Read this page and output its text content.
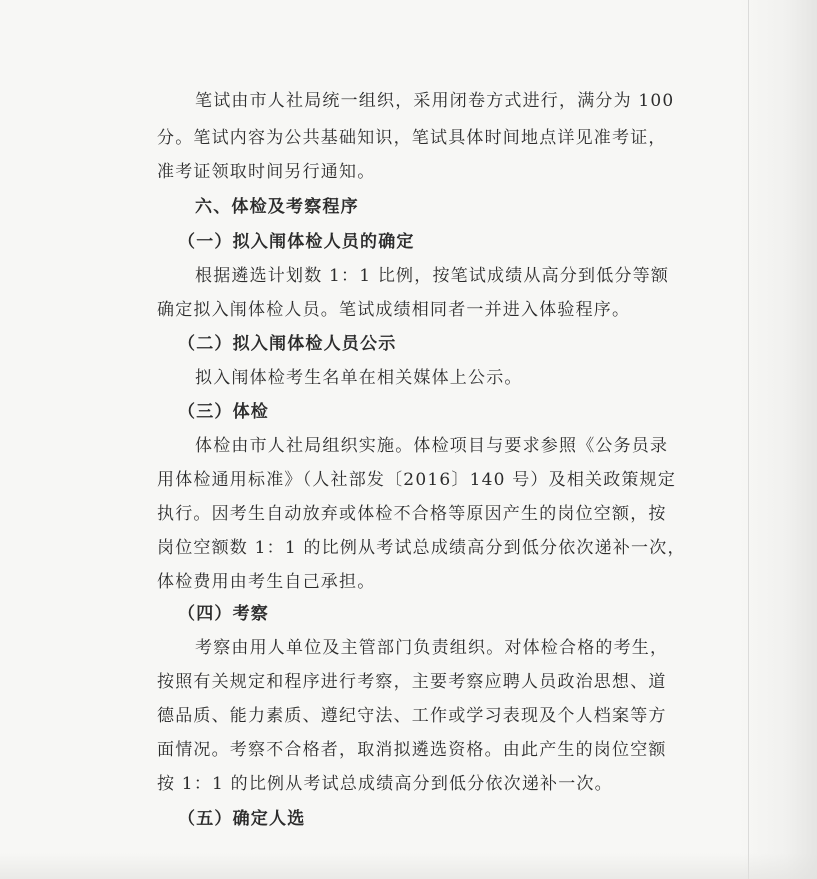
笔试由市人社局统一组织，采用闭卷方式进行，满分为 100
分。笔试内容为公共基础知识，笔试具体时间地点详见准考证，
准考证领取时间另行通知。
六、体检及考察程序
（一）拟入闱体检人员的确定
根据遴选计划数 1：1 比例，按笔试成绩从高分到低分等额
确定拟入闱体检人员。笔试成绩相同者一并进入体验程序。
（二）拟入闱体检人员公示
拟入闱体检考生名单在相关媒体上公示。
（三）体检
体检由市人社局组织实施。体检项目与要求参照《公务员录
用体检通用标准》（人社部发〔2016〕140 号）及相关政策规定
执行。因考生自动放弃或体检不合格等原因产生的岗位空额，按
岗位空额数 1：1 的比例从考试总成绩高分到低分依次递补一次，
体检费用由考生自己承担。
（四）考察
考察由用人单位及主管部门负责组织。对体检合格的考生，
按照有关规定和程序进行考察，主要考察应聘人员政治思想、道
德品质、能力素质、遵纪守法、工作或学习表现及个人档案等方
面情况。考察不合格者，取消拟遴选资格。由此产生的岗位空额
按 1：1 的比例从考试总成绩高分到低分依次递补一次。
（五）确定人选
